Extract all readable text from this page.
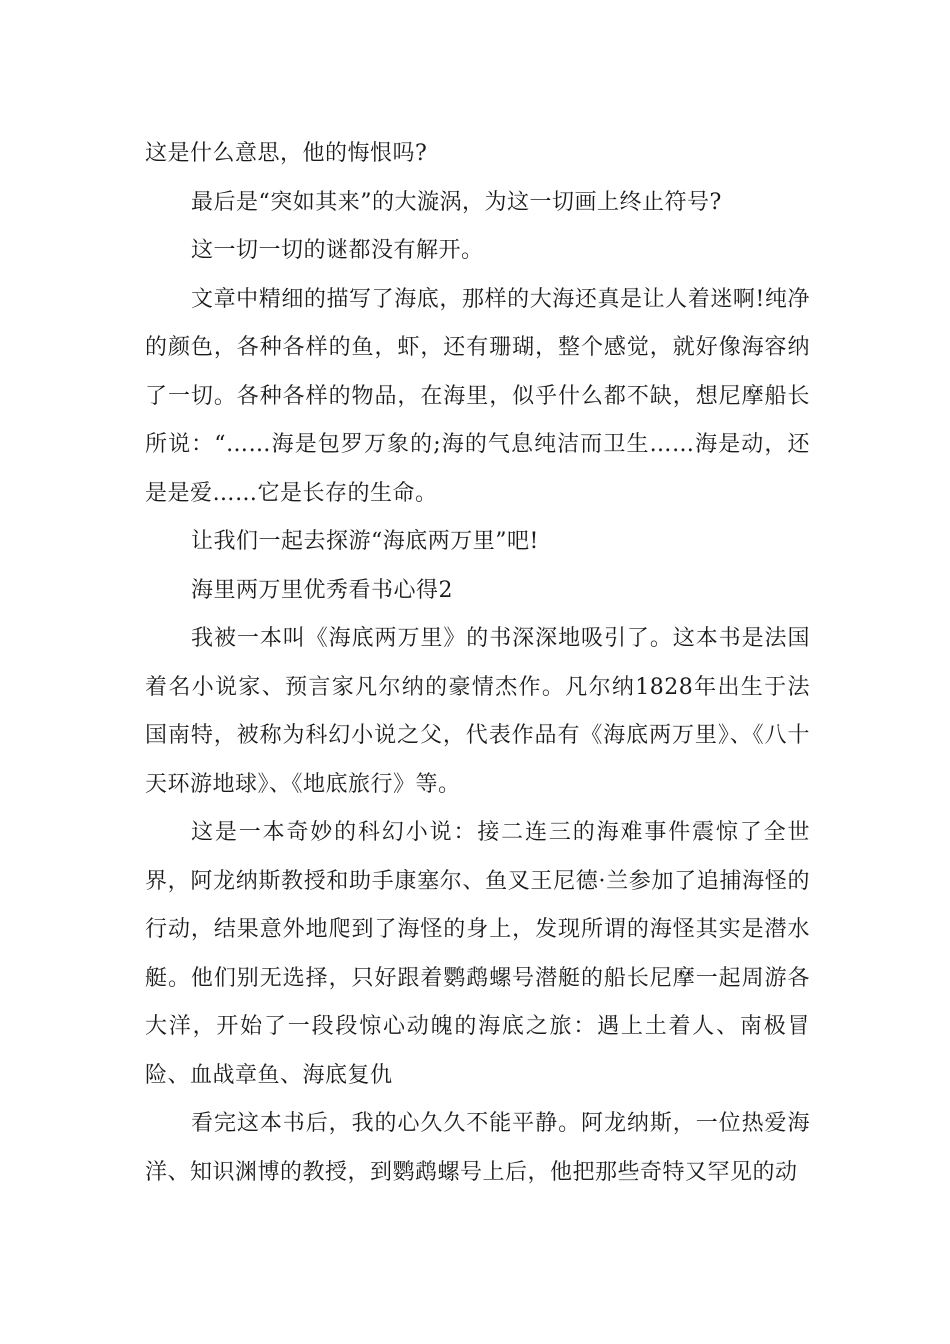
这是什么意思，他的悔恨吗?

最后是“突如其来”的大漩涡，为这一切画上终止符号?

这一切一切的谜都没有解开。

文章中精细的描写了海底，那样的大海还真是让人着迷啊!纯净的颜色，各种各样的鱼，虾，还有珊瑚，整个感觉，就好像海容纳了一切。各种各样的物品，在海里，似乎什么都不缺，想尼摩船长所说：“……海是包罗万象的;海的气息纯洁而卫生……海是动，还是是爱……它是长存的生命。

让我们一起去探游“海底两万里”吧!

海里两万里优秀看书心得2

我被一本叫《海底两万里》的书深深地吸引了。这本书是法国着名小说家、预言家凡尔纳的豪情杰作。凡尔纳1828年出生于法国南特，被称为科幻小说之父，代表作品有《海底两万里》、《八十天环游地球》、《地底旅行》等。

这是一本奇妙的科幻小说：接二连三的海难事件震惊了全世界，阿龙纳斯教授和助手康塞尔、鱼叉王尼德·兰参加了追捕海怪的行动，结果意外地爬到了海怪的身上，发现所谓的海怪其实是潜水艇。他们别无选择，只好跟着鹦鹉螺号潜艇的船长尼摩一起周游各大洋，开始了一段段惊心动魄的海底之旅：遇上土着人、南极冒险、血战章鱼、海底复仇

看完这本书后，我的心久久不能平静。阿龙纳斯，一位热爱海洋、知识渊博的教授，到鹦鹉螺号上后，他把那些奇特又罕见的动
